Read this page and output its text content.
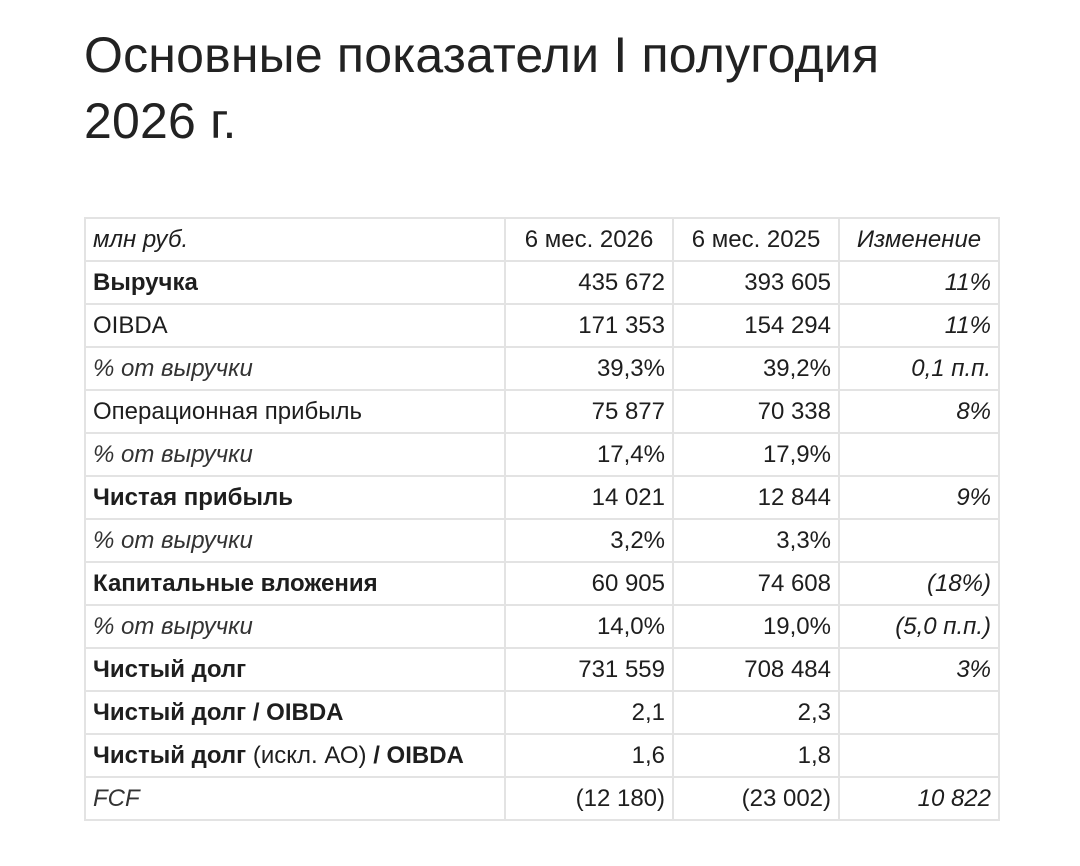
Основные показатели I полугодия 2026 г.
млн руб.	6 мес. 2026	6 мес. 2025	Изменение
Выручка	435 672	393 605	11%
OIBDA	171 353	154 294	11%
% от выручки	39,3%	39,2%	0,1 п.п.
Операционная прибыль	75 877	70 338	8%
% от выручки	17,4%	17,9%	
Чистая прибыль	14 021	12 844	9%
% от выручки	3,2%	3,3%	
Капитальные вложения	60 905	74 608	(18%)
% от выручки	14,0%	19,0%	(5,0 п.п.)
Чистый долг	731 559	708 484	3%
Чистый долг / OIBDA	2,1	2,3	
Чистый долг (искл. АО) / OIBDA	1,6	1,8	
FCF	(12 180)	(23 002)	10 822
